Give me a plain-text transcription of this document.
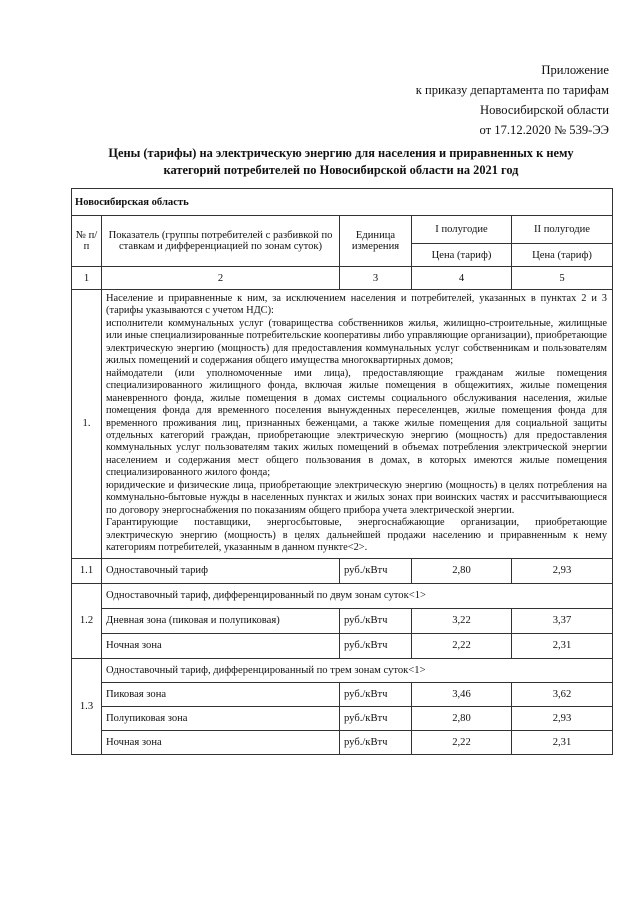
Приложение
к приказу департамента по тарифам
Новосибирской области
от 17.12.2020 № 539-ЭЭ
Цены (тарифы) на электрическую энергию для населения и приравненных к нему
категорий потребителей по Новосибирской области на 2021 год
Новосибирская область				
№ п/п	Показатель (группы потребителей с разбивкой по ставкам и дифференциацией по зонам суток)	Единица измерения	I полугодие	II полугодие
			Цена (тариф)	Цена (тариф)
1	2	3	4	5
1.	Население и приравненные к ним, за исключением населения и потребителей, указанных в пунктах 2 и 3 (тарифы указываются с учетом НДС):

исполнители коммунальных услуг (товарищества собственников жилья, жилищно-строительные, жилищные или иные специализированные потребительские кооперативы либо управляющие организации), приобретающие электрическую энергию (мощность) для предоставления коммунальных услуг собственникам и пользователям жилых помещений и содержания общего имущества многоквартирных домов;

наймодатели (или уполномоченные ими лица), предоставляющие гражданам жилые помещения специализированного жилищного фонда, включая жилые помещения в общежитиях, жилые помещения маневренного фонда, жилые помещения в домах системы социального обслуживания населения, жилые помещения фонда для временного поселения вынужденных переселенцев, жилые помещения фонда для временного проживания лиц, признанных беженцами, а также жилые помещения для социальной защиты отдельных категорий граждан, приобретающие электрическую энергию (мощность) для предоставления коммунальных услуг пользователям таких жилых помещений в объемах потребления электрической энергии населением и содержания мест общего пользования в домах, в которых имеются жилые помещения специализированного жилого фонда;

юридические и физические лица, приобретающие электрическую энергию (мощность) в целях потребления на коммунально-бытовые нужды в населенных пунктах и жилых зонах при воинских частях и рассчитывающиеся по договору энергоснабжения по показаниям общего прибора учета электрической энергии.

Гарантирующие поставщики, энергосбытовые, энергоснабжающие организации, приобретающие электрическую энергию (мощность) в целях дальнейшей продажи населению и приравненным к нему категориям потребителей, указанным в данном пункте<2>.			

1.1	Одноставочный тариф	руб./кВтч	2,80	2,93
1.2	Одноставочный тариф, дифференцированный по двум зонам суток<1>			
	Дневная зона (пиковая и полупиковая)	руб./кВтч	3,22	3,37
	Ночная зона	руб./кВтч	2,22	2,31
1.3	Одноставочный тариф, дифференцированный по трем зонам суток<1>			
	Пиковая зона	руб./кВтч	3,46	3,62
	Полупиковая зона	руб./кВтч	2,80	2,93
	Ночная зона	руб./кВтч	2,22	2,31
